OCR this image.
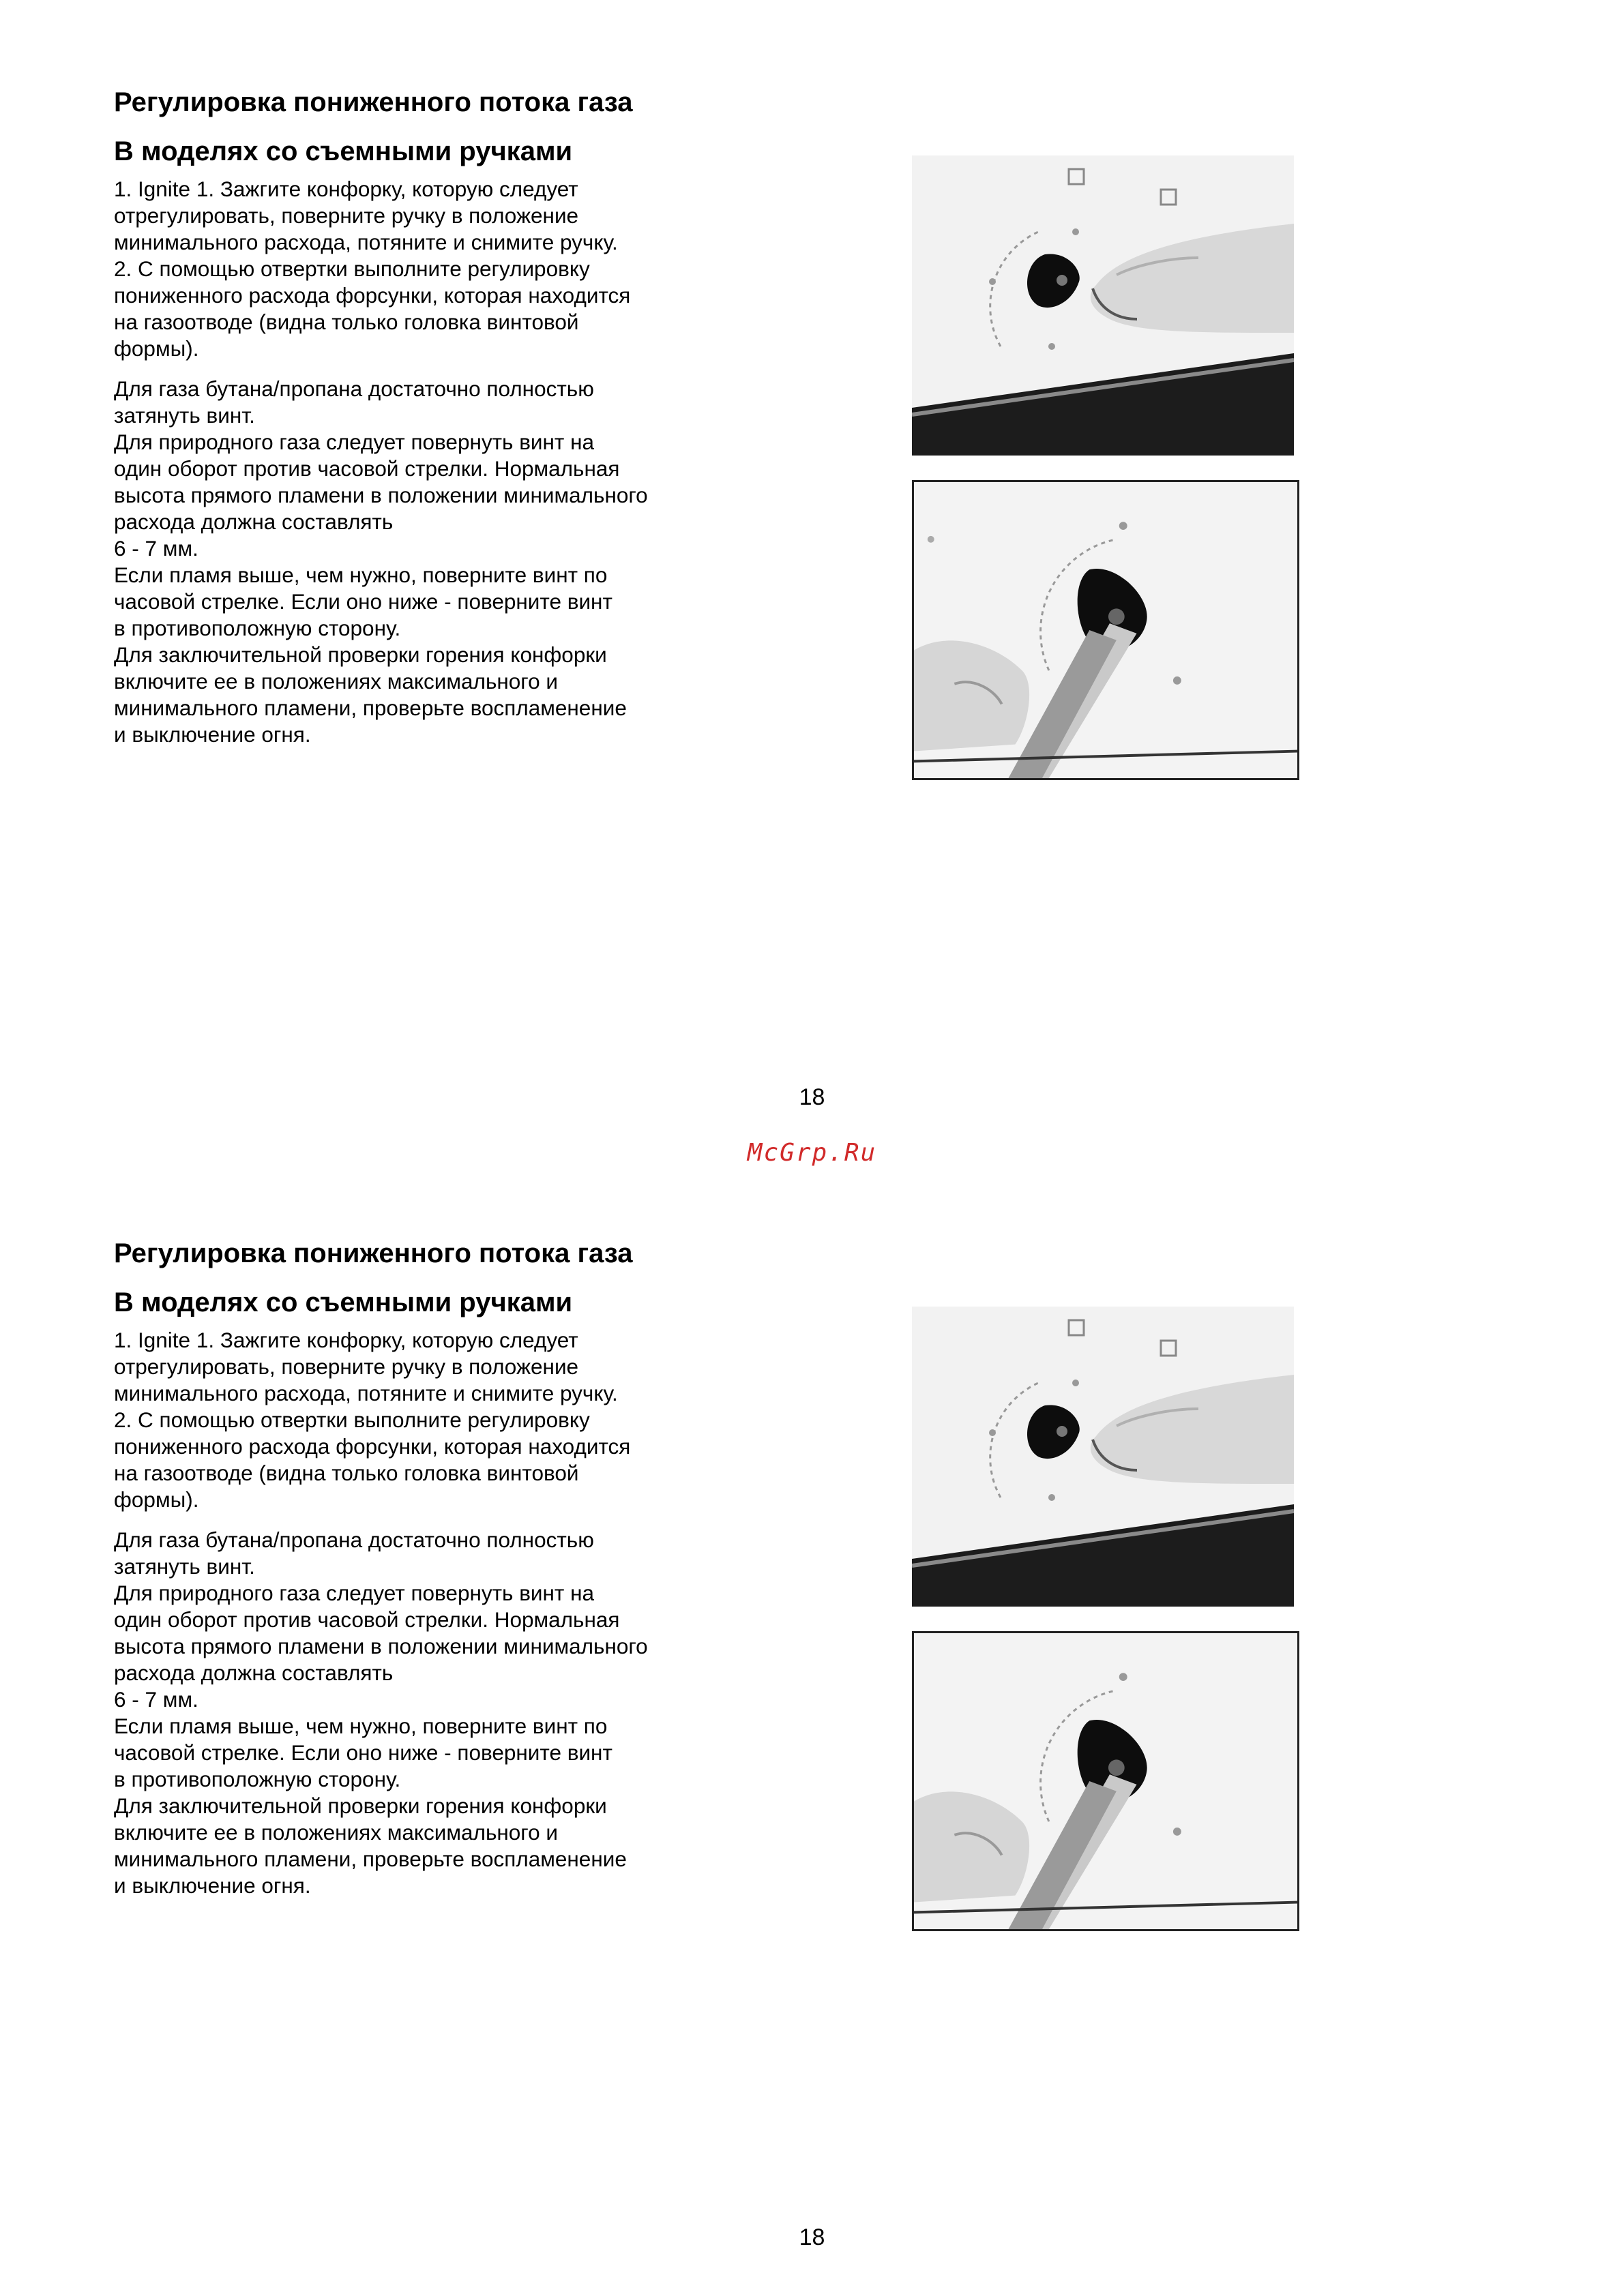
Регулировка пониженного потока газа
В моделях со съемными ручками

1. Ignite 1. Зажгите конфорку, которую следует

отрегулировать, поверните ручку в положение

минимального расхода, потяните и снимите ручку.

2. С помощью отвертки выполните регулировку

пониженного расхода форсунки, которая находится

на газоотводе (видна только головка винтовой

формы).

Для газа бутана/пропана достаточно полностью

затянуть винт.

Для природного газа следует повернуть винт на

один оборот против часовой стрелки. Нормальная

высота прямого пламени в положении минимального

расхода должна составлять

6 - 7 мм.

Если пламя выше, чем нужно, поверните винт по

часовой стрелке. Если оно ниже - поверните винт

в противоположную сторону.

Для заключительной проверки горения конфорки

включите ее в положениях максимального и

минимального пламени, проверьте воспламенение

и выключение огня.

18
McGrp.Ru
Регулировка пониженного потока газа
В моделях со съемными ручками

1. Ignite 1. Зажгите конфорку, которую следует

отрегулировать, поверните ручку в положение

минимального расхода, потяните и снимите ручку.

2. С помощью отвертки выполните регулировку

пониженного расхода форсунки, которая находится

на газоотводе (видна только головка винтовой

формы).

Для газа бутана/пропана достаточно полностью

затянуть винт.

Для природного газа следует повернуть винт на

один оборот против часовой стрелки. Нормальная

высота прямого пламени в положении минимального

расхода должна составлять

6 - 7 мм.

Если пламя выше, чем нужно, поверните винт по

часовой стрелке. Если оно ниже - поверните винт

в противоположную сторону.

Для заключительной проверки горения конфорки

включите ее в положениях максимального и

минимального пламени, проверьте воспламенение

и выключение огня.

18
